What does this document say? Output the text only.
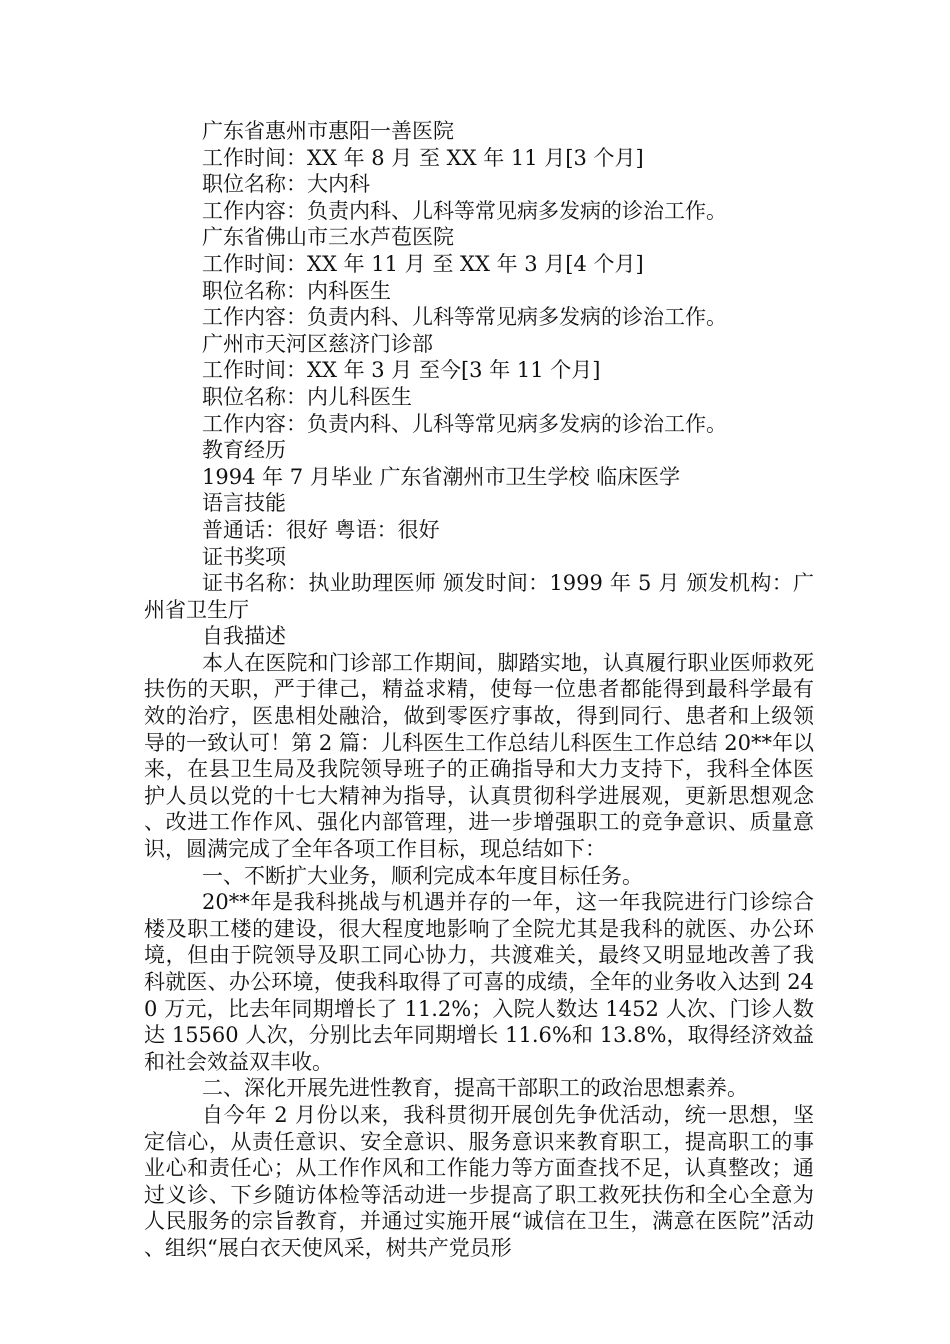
广东省惠州市惠阳一善医院
工作时间：XX 年 8 月 至 XX 年 11 月[3 个月]
职位名称：大内科
工作内容：负责内科、儿科等常见病多发病的诊治工作。
广东省佛山市三水芦苞医院
工作时间：XX 年 11 月 至 XX 年 3 月[4 个月]
职位名称：内科医生
工作内容：负责内科、儿科等常见病多发病的诊治工作。
广州市天河区慈济门诊部
工作时间：XX 年 3 月 至今[3 年 11 个月]
职位名称：内儿科医生
工作内容：负责内科、儿科等常见病多发病的诊治工作。
教育经历
1994 年 7 月毕业 广东省潮州市卫生学校 临床医学
语言技能
普通话：很好 粤语：很好
证书奖项

证书名称：执业助理医师 颁发时间：1999 年 5 月 颁发机构：广州省卫生厅

自我描述

本人在医院和门诊部工作期间，脚踏实地，认真履行职业医师救死扶伤的天职，严于律己，精益求精，使每一位患者都能得到最科学最有效的治疗，医患相处融洽，做到零医疗事故，得到同行、患者和上级领导的一致认可！第 2 篇：儿科医生工作总结儿科医生工作总结 20**年以来，在县卫生局及我院领导班子的正确指导和大力支持下，我科全体医护人员以党的十七大精神为指导，认真贯彻科学进展观，更新思想观念、改进工作作风、强化内部管理，进一步增强职工的竞争意识、质量意识，圆满完成了全年各项工作目标，现总结如下：

一、不断扩大业务，顺利完成本年度目标任务。

20**年是我科挑战与机遇并存的一年，这一年我院进行门诊综合楼及职工楼的建设，很大程度地影响了全院尤其是我科的就医、办公环境，但由于院领导及职工同心协力，共渡难关，最终又明显地改善了我科就医、办公环境，使我科取得了可喜的成绩，全年的业务收入达到 240 万元，比去年同期增长了 11.2%；入院人数达 1452 人次、门诊人数达 15560 人次，分别比去年同期增长 11.6%和 13.8%，取得经济效益和社会效益双丰收。

二、深化开展先进性教育，提高干部职工的政治思想素养。

自今年 2 月份以来，我科贯彻开展创先争优活动，统一思想，坚定信心，从责任意识、安全意识、服务意识来教育职工，提高职工的事业心和责任心；从工作作风和工作能力等方面查找不足，认真整改；通过义诊、下乡随访体检等活动进一步提高了职工救死扶伤和全心全意为人民服务的宗旨教育，并通过实施开展“诚信在卫生，满意在医院”活动、组织“展白衣天使风采，树共产党员形
